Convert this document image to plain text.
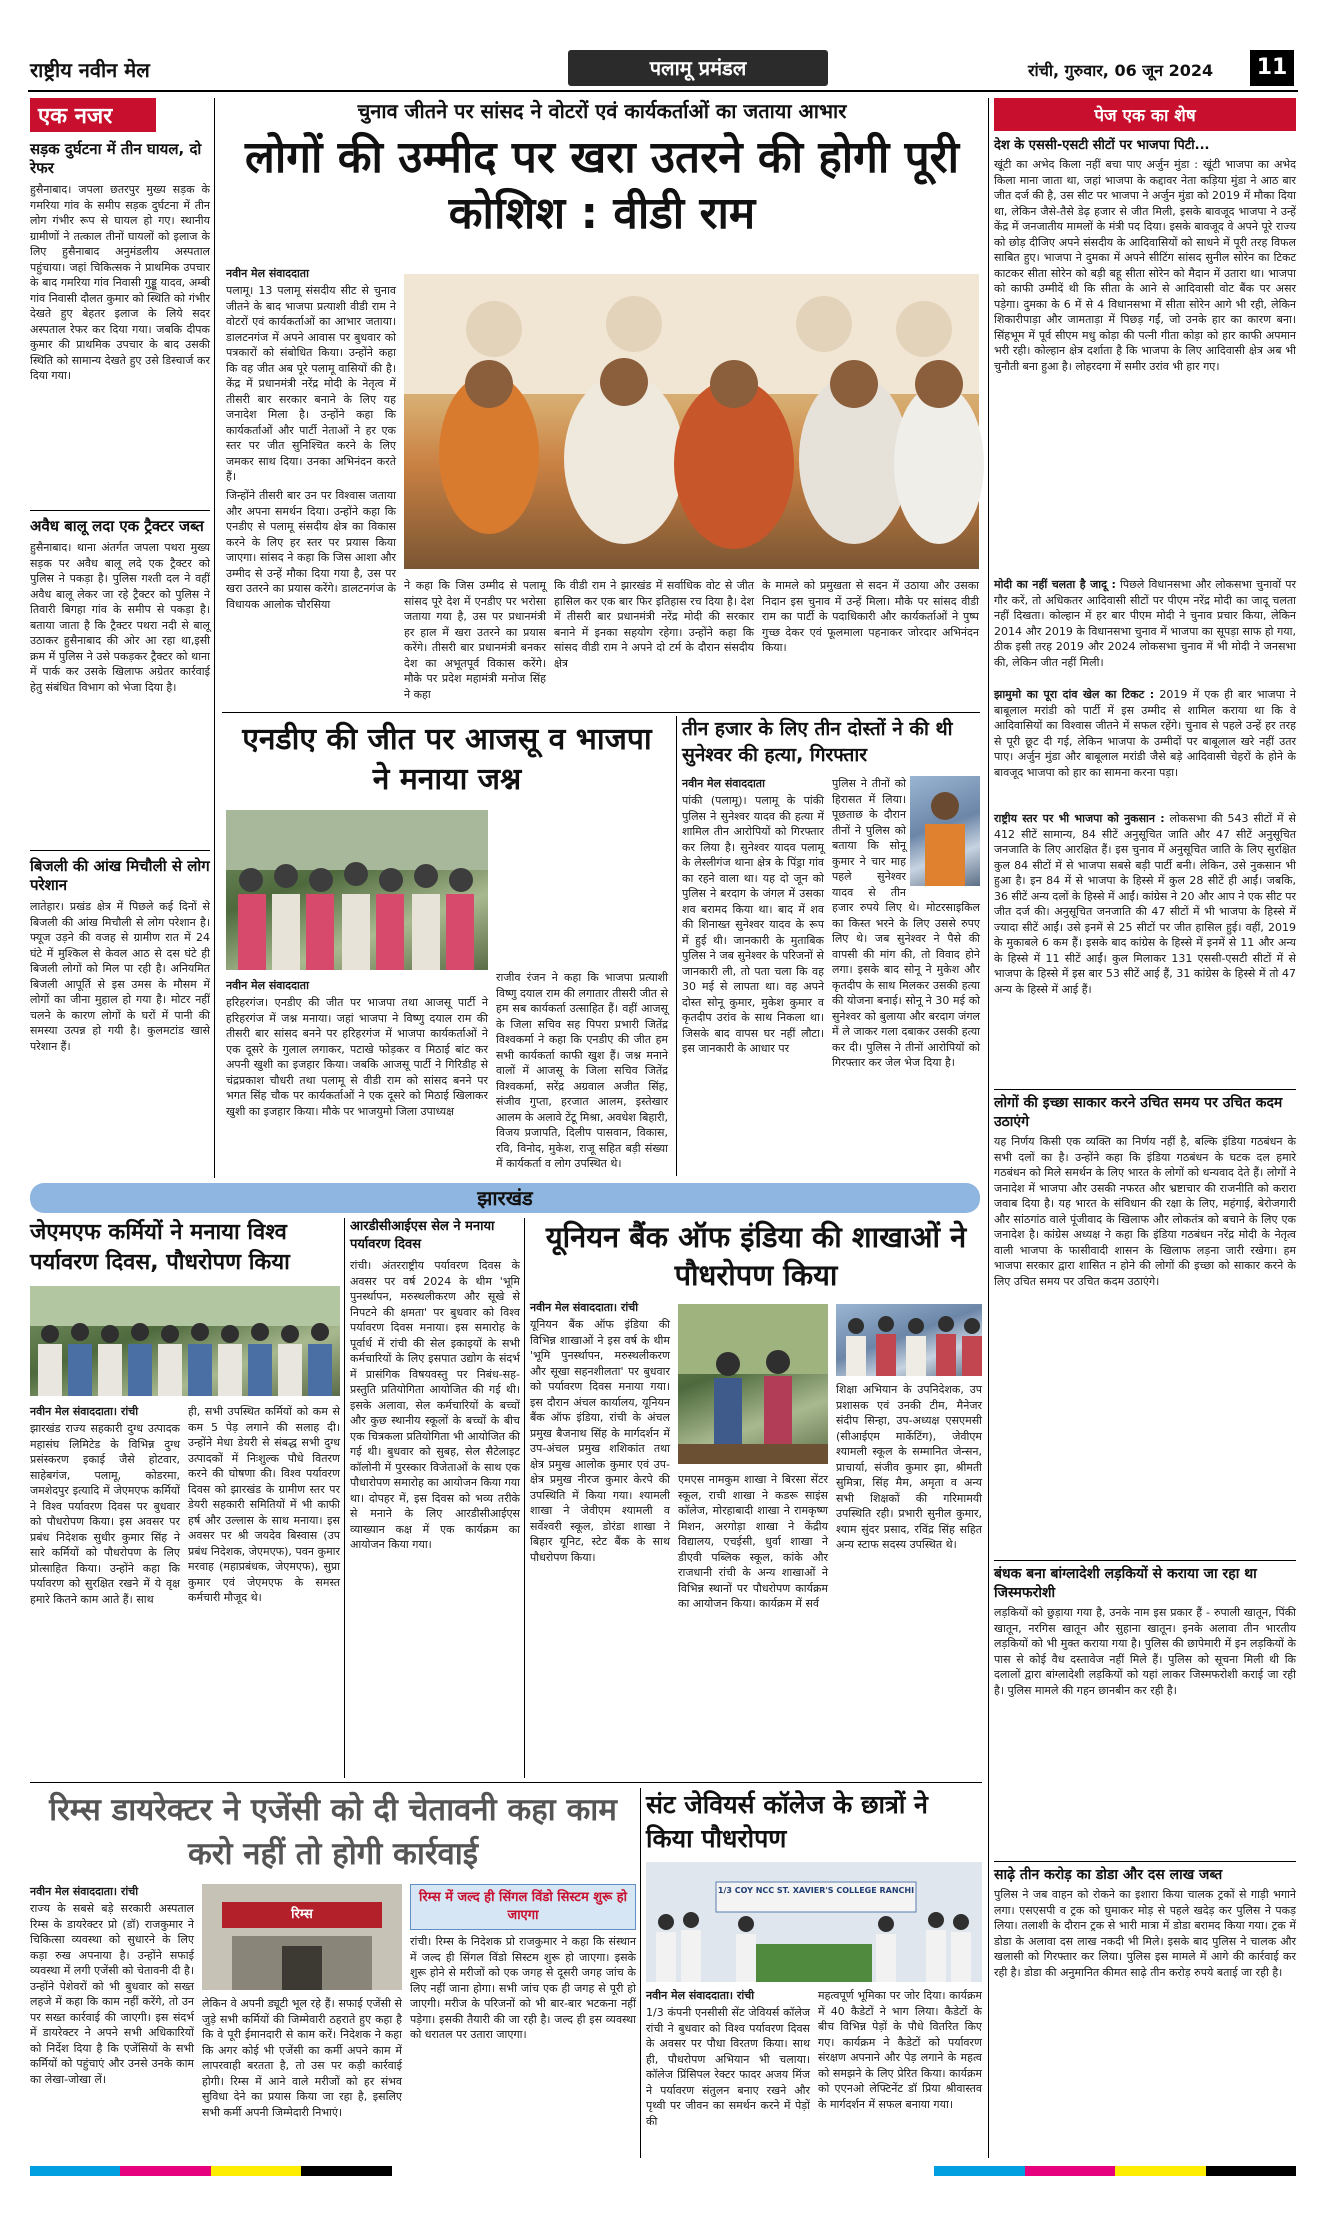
राष्ट्रीय नवीन मेल	पलामू प्रमंडल	रांची, गुरुवार, 06 जून 2024	11
एक नजर
सड़क दुर्घटना में तीन घायल, दो रेफर
हुसैनाबाद। जपला छतरपुर मुख्य सड़क के गमरिया गांव के समीप सड़क दुर्घटना में तीन लोग गंभीर रूप से घायल हो गए। स्थानीय ग्रामीणों ने तत्काल तीनों घायलों को इलाज के लिए हुसैनाबाद अनुमंडलीय अस्पताल पहुंचाया। जहां चिकित्सक ने प्राथमिक उपचार के बाद गमरिया गांव निवासी गुड्डू यादव, अम्बी गांव निवासी दौलत कुमार को स्थिति को गंभीर देखते हुए बेहतर इलाज के लिये सदर अस्पताल रेफर कर दिया गया। जबकि दीपक कुमार की प्राथमिक उपचार के बाद उसकी स्थिति को सामान्य देखते हुए उसे डिस्चार्ज कर दिया गया।
अवैध बालू लदा एक ट्रैक्टर जब्त
हुसैनाबाद। थाना अंतर्गत जपला पथरा मुख्य सड़क पर अवैध बालू लदे एक ट्रैक्टर को पुलिस ने पकड़ा है। पुलिस गश्ती दल ने वहीं अवैध बालू लेकर जा रहे ट्रैक्टर को पुलिस ने तिवारी बिगहा गांव के समीप से पकड़ा है। बताया जाता है कि ट्रैक्टर पथरा नदी से बालू उठाकर हुसैनाबाद की ओर आ रहा था,इसी क्रम में पुलिस ने उसे पकड़कर ट्रैक्टर को थाना में पार्क कर उसके खिलाफ अग्रेतर कार्रवाई हेतु संबंधित विभाग को भेजा दिया है।
बिजली की आंख मिचौली से लोग परेशान
लातेहार। प्रखंड क्षेत्र में पिछले कई दिनों से बिजली की आंख मिचौली से लोग परेशान है। फ्यूज उड़ने की वजह से ग्रामीण रात में 24 घंटे में मुश्किल से केवल आठ से दस घंटे ही बिजली लोगों को मिल पा रही है। अनियमित बिजली आपूर्ति से इस उमस के मौसम में लोगों का जीना मुहाल हो गया है। मोटर नहीं चलने के कारण लोगों के घरों में पानी की समस्या उत्पन्न हो गयी है। कुलमटांड खासे परेशान हैं।
चुनाव जीतने पर सांसद ने वोटरों एवं कार्यकर्ताओं का जताया आभार
लोगों की उम्मीद पर खरा उतरने की होगी पूरी कोशिश : वीडी राम
नवीन मेल संवाददाता
पलामू। 13 पलामू संसदीय सीट से चुनाव जीतने के बाद भाजपा प्रत्याशी वीडी राम ने वोटरों एवं कार्यकर्ताओं का आभार जताया। डालटनगंज में अपने आवास पर बुधवार को पत्रकारों को संबोधित किया। उन्होंने कहा कि वह जीत अब पूरे पलामू वासियों की है। केंद्र में प्रधानमंत्री नरेंद्र मोदी के नेतृत्व में तीसरी बार सरकार बनाने के लिए यह जनादेश मिला है। उन्होंने कहा कि कार्यकर्ताओं और पार्टी नेताओं ने हर एक स्तर पर जीत सुनिश्चित करने के लिए जमकर साथ दिया। उनका अभिनंदन करते हैं।
जिन्होंने तीसरी बार उन पर विश्वास जताया और अपना समर्थन दिया। उन्होंने कहा कि एनडीए से पलामू संसदीय क्षेत्र का विकास करने के लिए हर स्तर पर प्रयास किया जाएगा। सांसद ने कहा कि जिस आशा और उम्मीद से उन्हें मौका दिया गया है, उस पर खरा उतरने का प्रयास करेंगे। डालटनगंज के विधायक आलोक चौरसिया
ने कहा कि जिस उम्मीद से पलामू सांसद पूरे देश में एनडीए पर भरोसा जताया गया है, उस पर प्रधानमंत्री हर हाल में खरा उतरने का प्रयास करेंगे। तीसरी बार प्रधानमंत्री बनकर देश का अभूतपूर्व विकास करेंगे। मौके पर प्रदेश महामंत्री मनोज सिंह ने कहा
कि वीडी राम ने झारखंड में सर्वाधिक वोट से जीत हासिल कर एक बार फिर इतिहास रच दिया है। देश में तीसरी बार प्रधानमंत्री नरेंद्र मोदी की सरकार बनाने में इनका सहयोग रहेगा। उन्होंने कहा कि सांसद वीडी राम ने अपने दो टर्म के दौरान संसदीय क्षेत्र
के मामले को प्रमुखता से सदन में उठाया और उसका निदान इस चुनाव में उन्हें मिला। मौके पर सांसद वीडी राम का पार्टी के पदाधिकारी और कार्यकर्ताओं ने पुष्प गुच्छ देकर एवं फूलमाला पहनाकर जोरदार अभिनंदन किया।
एनडीए की जीत पर आजसू व भाजपा ने मनाया जश्न
नवीन मेल संवाददाता
हरिहरगंज। एनडीए की जीत पर भाजपा तथा आजसू पार्टी ने हरिहरगंज में जश्न मनाया। जहां भाजपा ने विष्णु दयाल राम की तीसरी बार सांसद बनने पर हरिहरगंज में भाजपा कार्यकर्ताओं ने एक दूसरे के गुलाल लगाकर, पटाखे फोड़कर व मिठाई बांट कर अपनी खुशी का इजहार किया। जबकि आजसू पार्टी ने गिरिडीह से चंद्रप्रकाश चौधरी तथा पलामू से वीडी राम को सांसद बनने पर भगत सिंह चौक पर कार्यकर्ताओं ने एक दूसरे को मिठाई खिलाकर खुशी का इजहार किया। मौके पर भाजयुमो जिला उपाध्यक्ष
राजीव रंजन ने कहा कि भाजपा प्रत्याशी विष्णु दयाल राम की लगातार तीसरी जीत से हम सब कार्यकर्ता उत्साहित हैं। वहीं आजसू के जिला सचिव सह पिपरा प्रभारी जितेंद्र विश्वकर्मा ने कहा कि एनडीए की जीत हम सभी कार्यकर्ता काफी खुश हैं। जश्न मनाने वालों में आजसू के जिला सचिव जितेंद्र विश्वकर्मा, सरेंद्र अग्रवाल अजीत सिंह, संजीव गुप्ता, हरजात आलम, इस्तेखार आलम के अलावे टेंटू मिश्रा, अवधेश बिहारी, विजय प्रजापति, दिलीप पासवान, विकास, रवि, विनोद, मुकेश, राजू सहित बड़ी संख्या में कार्यकर्ता व लोग उपस्थित थे।
तीन हजार के लिए तीन दोस्तों ने की थी सुनेश्वर की हत्या, गिरफ्तार
नवीन मेल संवाददाता
पांकी (पलामू)। पलामू के पांकी पुलिस ने सुनेश्वर यादव की हत्या में शामिल तीन आरोपियों को गिरफ्तार कर लिया है। सुनेश्वर यादव पलामू के लेस्लीगंज थाना क्षेत्र के पिंड्रा गांव का रहने वाला था। यह दो जून को पुलिस ने बरदाग के जंगल में उसका शव बरामद किया था। बाद में शव की शिनाख्त सुनेश्वर यादव के रूप में हुई थी। जानकारी के मुताबिक पुलिस ने जब सुनेश्वर के परिजनों से जानकारी ली, तो पता चला कि वह 30 मई से लापता था। वह अपने दोस्त सोनू कुमार, मुकेश कुमार व कृतदीप उरांव के साथ निकला था। जिसके बाद वापस घर नहीं लौटा। इस जानकारी के आधार पर
पुलिस ने तीनों को हिरासत में लिया। पूछताछ के दौरान तीनों ने पुलिस को बताया कि सोनू कुमार ने चार माह पहले सुनेश्वर यादव से तीन हजार रुपये लिए थे। मोटरसाइकिल का किस्त भरने के लिए उससे रुपए लिए थे। जब सुनेश्वर ने पैसे की वापसी की मांग की, तो विवाद होने लगा। इसके बाद सोनू ने मुकेश और कृतदीप के साथ मिलकर उसकी हत्या की योजना बनाई। सोनू ने 30 मई को सुनेश्वर को बुलाया और बरदाग जंगल में ले जाकर गला दबाकर उसकी हत्या कर दी। पुलिस ने तीनों आरोपियों को गिरफ्तार कर जेल भेज दिया है।
पेज एक का शेष
देश के एससी-एसटी सीटों पर भाजपा पिटी...
खूंटी का अभेद किला नहीं बचा पाए अर्जुन मुंडा : खूंटी भाजपा का अभेद किला माना जाता था, जहां भाजपा के कद्दावर नेता कड़िया मुंडा ने आठ बार जीत दर्ज की है, उस सीट पर भाजपा ने अर्जुन मुंडा को 2019 में मौका दिया था, लेकिन जैसे-तैसे डेढ़ हजार से जीत मिली, इसके बावजूद भाजपा ने उन्हें केंद्र में जनजातीय मामलों के मंत्री पद दिया। इसके बावजूद वे अपने पूरे राज्य को छोड़ दीजिए अपने संसदीय के आदिवासियों को साधने में पूरी तरह विफल साबित हुए। भाजपा ने दुमका में अपने सीटिंग सांसद सुनील सोरेन का टिकट काटकर सीता सोरेन को बड़ी बहू सीता सोरेन को मैदान में उतारा था। भाजपा को काफी उम्मीदें थी कि सीता के आने से आदिवासी वोट बैंक पर असर पड़ेगा। दुमका के 6 में से 4 विधानसभा में सीता सोरेन आगे भी रही, लेकिन शिकारीपाड़ा और जामताड़ा में पिछड़ गईं, जो उनके हार का कारण बना। सिंहभूम में पूर्व सीएम मधु कोड़ा की पत्नी गीता कोड़ा को हार काफी अपमान भरी रही। कोल्हान क्षेत्र दर्शाता है कि भाजपा के लिए आदिवासी क्षेत्र अब भी चुनौती बना हुआ है। लोहरदगा में समीर उरांव भी हार गए।
मोदी का नहीं चलता है जादू : पिछले विधानसभा और लोकसभा चुनावों पर गौर करें, तो अधिकतर आदिवासी सीटों पर पीएम नरेंद्र मोदी का जादू चलता नहीं दिखता। कोल्हान में हर बार पीएम मोदी ने चुनाव प्रचार किया, लेकिन 2014 और 2019 के विधानसभा चुनाव में भाजपा का सूपड़ा साफ हो गया, ठीक इसी तरह 2019 और 2024 लोकसभा चुनाव में भी मोदी ने जनसभा की, लेकिन जीत नहीं मिली।
झामुमो का पूरा दांव खेल का टिकट : 2019 में एक ही बार भाजपा ने बाबूलाल मरांडी को पार्टी में इस उम्मीद से शामिल कराया था कि वे आदिवासियों का विश्वास जीतने में सफल रहेंगे। चुनाव से पहले उन्हें हर तरह से पूरी छूट दी गई, लेकिन भाजपा के उम्मीदों पर बाबूलाल खरे नहीं उतर पाए। अर्जुन मुंडा और बाबूलाल मरांडी जैसे बड़े आदिवासी चेहरों के होने के बावजूद भाजपा को हार का सामना करना पड़ा।
राष्ट्रीय स्तर पर भी भाजपा को नुकसान : लोकसभा की 543 सीटों में से 412 सीटें सामान्य, 84 सीटें अनुसूचित जाति और 47 सीटें अनुसूचित जनजाति के लिए आरक्षित हैं। इस चुनाव में अनुसूचित जाति के लिए सुरक्षित कुल 84 सीटों में से भाजपा सबसे बड़ी पार्टी बनी। लेकिन, उसे नुकसान भी हुआ है। इन 84 में से भाजपा के हिस्से में कुल 28 सीटें ही आईं। जबकि, 36 सीटें अन्य दलों के हिस्से में आईं। कांग्रेस ने 20 और आप ने एक सीट पर जीत दर्ज की। अनुसूचित जनजाति की 47 सीटों में भी भाजपा के हिस्से में ज्यादा सीटें आईं। उसे इनमें से 25 सीटों पर जीत हासिल हुई। वहीं, 2019 के मुकाबले 6 कम हैं। इसके बाद कांग्रेस के हिस्से में इनमें से 11 और अन्य के हिस्से में 11 सीटें आईं। कुल मिलाकर 131 एससी-एसटी सीटों में से भाजपा के हिस्से में इस बार 53 सीटें आई हैं, 31 कांग्रेस के हिस्से में तो 47 अन्य के हिस्से में आई हैं।
लोगों की इच्छा साकार करने उचित समय पर उचित कदम उठाएंगे
यह निर्णय किसी एक व्यक्ति का निर्णय नहीं है, बल्कि इंडिया गठबंधन के सभी दलों का है। उन्होंने कहा कि इंडिया गठबंधन के घटक दल हमारे गठबंधन को मिले समर्थन के लिए भारत के लोगों को धन्यवाद देते हैं। लोगों ने जनादेश में भाजपा और उसकी नफरत और भ्रष्टाचार की राजनीति को करारा जवाब दिया है। यह भारत के संविधान की रक्षा के लिए, महंगाई, बेरोजगारी और सांठगांठ वाले पूंजीवाद के खिलाफ और लोकतंत्र को बचाने के लिए एक जनादेश है। कांग्रेस अध्यक्ष ने कहा कि इंडिया गठबंधन नरेंद्र मोदी के नेतृत्व वाली भाजपा के फासीवादी शासन के खिलाफ लड़ना जारी रखेगा। हम भाजपा सरकार द्वारा शासित न होने की लोगों की इच्छा को साकार करने के लिए उचित समय पर उचित कदम उठाएंगे।
बंधक बना बांग्लादेशी लड़कियों से कराया जा रहा था जिस्मफरोशी
लड़कियों को छुड़ाया गया है, उनके नाम इस प्रकार हैं - रुपाली खातून, पिंकी खातून, नरगिस खातून और सुहाना खातून। इनके अलावा तीन भारतीय लड़कियों को भी मुक्त कराया गया है। पुलिस की छापेमारी में इन लड़कियों के पास से कोई वैध दस्तावेज नहीं मिले हैं। पुलिस को सूचना मिली थी कि दलालों द्वारा बांग्लादेशी लड़कियों को यहां लाकर जिस्मफरोशी कराई जा रही है। पुलिस मामले की गहन छानबीन कर रही है।
साढ़े तीन करोड़ का डोडा और दस लाख जब्त
पुलिस ने जब वाहन को रोकने का इशारा किया चालक ट्रकों से गाड़ी भगाने लगा। एसएसपी व ट्रक को घुमाकर मोड़ से पहले खदेड़ कर पुलिस ने पकड़ लिया। तलाशी के दौरान ट्रक से भारी मात्रा में डोडा बरामद किया गया। ट्रक में डोडा के अलावा दस लाख नकदी भी मिले। इसके बाद पुलिस ने चालक और खलासी को गिरफ्तार कर लिया। पुलिस इस मामले में आगे की कार्रवाई कर रही है। डोडा की अनुमानित कीमत साढ़े तीन करोड़ रुपये बताई जा रही है।
झारखंड
जेएमएफ कर्मियों ने मनाया विश्व पर्यावरण दिवस, पौधरोपण किया
नवीन मेल संवाददाता। रांची
झारखंड राज्य सहकारी दुग्ध उत्पादक महासंघ लिमिटेड के विभिन्न दुग्ध प्रसंस्करण इकाई जैसे होटवार, साहेबगंज, पलामू, कोडरमा, जमशेदपुर इत्यादि में जेएमएफ कर्मियों ने विश्व पर्यावरण दिवस पर बुधवार को पौधरोपण किया। इस अवसर पर प्रबंध निदेशक सुधीर कुमार सिंह ने सारे कर्मियों को पौधरोपण के लिए प्रोत्साहित किया। उन्होंने कहा कि पर्यावरण को सुरक्षित रखने में ये वृक्ष हमारे कितने काम आते हैं। साथ
ही, सभी उपस्थित कर्मियों को कम से कम 5 पेड़ लगाने की सलाह दी। उन्होंने मेधा डेयरी से संबद्ध सभी दुग्ध उत्पादकों में निःशुल्क पौधे वितरण करने की घोषणा की। विश्व पर्यावरण दिवस को झारखंड के ग्रामीण स्तर पर डेयरी सहकारी समितियों में भी काफी हर्ष और उल्लास के साथ मनाया। इस अवसर पर श्री जयदेव बिस्वास (उप प्रबंध निदेशक, जेएमएफ), पवन कुमार मरवाह (महाप्रबंधक, जेएमएफ), सुप्रा कुमार एवं जेएमएफ के समस्त कर्मचारी मौजूद थे।
आरडीसीआईएस सेल ने मनाया पर्यावरण दिवस
रांची। अंतरराष्ट्रीय पर्यावरण दिवस के अवसर पर वर्ष 2024 के थीम 'भूमि पुनर्स्थापन, मरुस्थलीकरण और सूखे से निपटने की क्षमता' पर बुधवार को विश्व पर्यावरण दिवस मनाया। इस समारोह के पूर्वार्ध में रांची की सेल इकाइयों के सभी कर्मचारियों के लिए इसपात उद्योग के संदर्भ में प्रासंगिक विषयवस्तु पर निबंध-सह-प्रस्तुति प्रतियोगिता आयोजित की गई थी। इसके अलावा, सेल कर्मचारियों के बच्चों और कुछ स्थानीय स्कूलों के बच्चों के बीच एक चित्रकला प्रतियोगिता भी आयोजित की गई थी। बुधवार को सुबह, सेल सैटेलाइट कॉलोनी में पुरस्कार विजेताओं के साथ एक पौधारोपण समारोह का आयोजन किया गया था। दोपहर में, इस दिवस को भव्य तरीके से मनाने के लिए आरडीसीआईएस व्याख्यान कक्ष में एक कार्यक्रम का आयोजन किया गया।
यूनियन बैंक ऑफ इंडिया की शाखाओं ने पौधरोपण किया
नवीन मेल संवाददाता। रांची
यूनियन बैंक ऑफ इंडिया की विभिन्न शाखाओं ने इस वर्ष के थीम 'भूमि पुनर्स्थापन, मरुस्थलीकरण और सूखा सहनशीलता' पर बुधवार को पर्यावरण दिवस मनाया गया। इस दौरान अंचल कार्यालय, यूनियन बैंक ऑफ इंडिया, रांची के अंचल प्रमुख बैजनाथ सिंह के मार्गदर्शन में उप-अंचल प्रमुख शशिकांत तथा क्षेत्र प्रमुख आलोक कुमार एवं उप-क्षेत्र प्रमुख नीरज कुमार केरपे की उपस्थिति में किया गया। श्यामली शाखा ने जेवीएम श्यामली व सर्वेश्वरी स्कूल, डोरंडा शाखा ने बिहार यूनिट, स्टेट बैंक के साथ पौधरोपण किया।
एमएस नामकुम शाखा ने बिरसा सेंटर स्कूल, राची शाखा ने कडरू साइंस कॉलेज, मोरहाबादी शाखा ने रामकृष्ण मिशन, अरगोड़ा शाखा ने केंद्रीय विद्यालय, एचईसी, धुर्वा शाखा ने डीएवी पब्लिक स्कूल, कांके और राजधानी रांची के अन्य शाखाओं ने विभिन्न स्थानों पर पौधरोपण कार्यक्रम का आयोजन किया। कार्यक्रम में सर्व
शिक्षा अभियान के उपनिदेशक, उप प्रशासक एवं उनकी टीम, मैनेजर संदीप सिन्हा, उप-अध्यक्ष एसएमसी (सीआईएम मार्केटिंग), जेवीएम श्यामली स्कूल के सम्मानित जेन्सन, प्राचार्या, संजीव कुमार झा, श्रीमती सुमित्रा, सिंह मैम, अमृता व अन्य सभी शिक्षकों की गरिमामयी उपस्थिति रही। प्रभारी सुनील कुमार, श्याम सुंदर प्रसाद, रविंद्र सिंह सहित अन्य स्टाफ सदस्य उपस्थित थे।
रिम्स डायरेक्टर ने एजेंसी को दी चेतावनी कहा काम करो नहीं तो होगी कार्रवाई
नवीन मेल संवाददाता। रांची
राज्य के सबसे बड़े सरकारी अस्पताल रिम्स के डायरेक्टर प्रो (डॉ) राजकुमार ने चिकित्सा व्यवस्था को सुधारने के लिए कड़ा रुख अपनाया है। उन्होंने सफाई व्यवस्था में लगी एजेंसी को चेतावनी दी है। उन्होंने पेशेवरों को भी बुधवार को सख्त लहजे में कहा कि काम नहीं करेंगे, तो उन पर सख्त कार्रवाई की जाएगी। इस संदर्भ में डायरेक्टर ने अपने सभी अधिकारियों को निर्देश दिया है कि एजेंसियों के सभी कर्मियों को पहुंचाएं और उनसे उनके काम का लेखा-जोखा लें।
रिम्स
लेकिन वे अपनी ड्यूटी भूल रहे हैं। सफाई एजेंसी से जुड़े सभी कर्मियों की जिम्मेवारी ठहराते हुए कहा है कि वे पूरी ईमानदारी से काम करें। निदेशक ने कहा कि अगर कोई भी एजेंसी का कर्मी अपने काम में लापरवाही बरतता है, तो उस पर कड़ी कार्रवाई होगी। रिम्स में आने वाले मरीजों को हर संभव सुविधा देने का प्रयास किया जा रहा है, इसलिए सभी कर्मी अपनी जिम्मेदारी निभाएं।
रिम्स में जल्द ही सिंगल विंडो सिस्टम शुरू हो जाएगा
रांची। रिम्स के निदेशक प्रो राजकुमार ने कहा कि संस्थान में जल्द ही सिंगल विंडो सिस्टम शुरू हो जाएगा। इसके शुरू होने से मरीजों को एक जगह से दूसरी जगह जांच के लिए नहीं जाना होगा। सभी जांच एक ही जगह से पूरी हो जाएगी। मरीज के परिजनों को भी बार-बार भटकना नहीं पड़ेगा। इसकी तैयारी की जा रही है। जल्द ही इस व्यवस्था को धरातल पर उतारा जाएगा।
संट जेवियर्स कॉलेज के छात्रों ने किया पौधरोपण
1/3 COY NCC ST. XAVIER'S COLLEGE RANCHI
नवीन मेल संवाददाता। रांची
1/3 कंपनी एनसीसी सेंट जेवियर्स कॉलेज रांची ने बुधवार को विश्व पर्यावरण दिवस के अवसर पर पौधा विरतण किया। साथ ही, पौधरोपण अभियान भी चलाया। कॉलेज प्रिंसिपल रेक्टर फादर अजय मिंज ने पर्यावरण संतुलन बनाए रखने और पृथ्वी पर जीवन का समर्थन करने में पेड़ों की
महत्वपूर्ण भूमिका पर जोर दिया। कार्यक्रम में 40 कैडेटों ने भाग लिया। कैडेटों के बीच विभिन्न पेड़ों के पौधे वितरित किए गए। कार्यक्रम ने कैडेटों को पर्यावरण संरक्षण अपनाने और पेड़ लगाने के महत्व को समझने के लिए प्रेरित किया। कार्यक्रम को एएनओ लेफ्टिनेंट डॉ प्रिया श्रीवास्तव के मार्गदर्शन में सफल बनाया गया।
